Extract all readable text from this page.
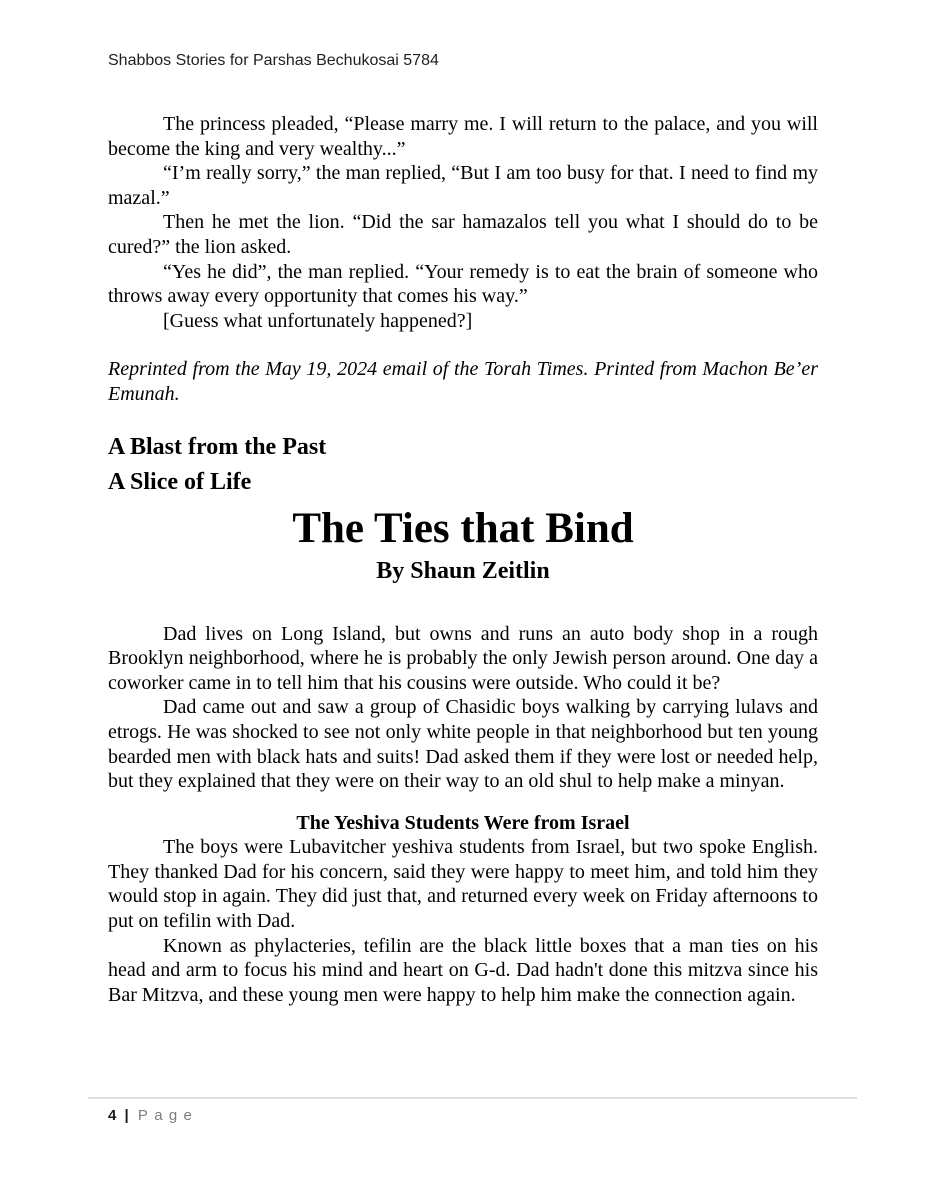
Shabbos Stories for Parshas Bechukosai 5784

The princess pleaded, “Please marry me. I will return to the palace, and you will become the king and very wealthy...”

“I’m really sorry,” the man replied, “But I am too busy for that. I need to find my mazal.”

Then he met the lion. “Did the sar hamazalos tell you what I should do to be cured?” the lion asked.

“Yes he did”, the man replied. “Your remedy is to eat the brain of someone who throws away every opportunity that comes his way.”

[Guess what unfortunately happened?]

Reprinted from the May 19, 2024 email of the Torah Times. Printed from Machon Be’er Emunah.

A Blast from the Past
A Slice of Life
The Ties that Bind
By Shaun Zeitlin

Dad lives on Long Island, but owns and runs an auto body shop in a rough Brooklyn neighborhood, where he is probably the only Jewish person around. One day a coworker came in to tell him that his cousins were outside. Who could it be?

Dad came out and saw a group of Chasidic boys walking by carrying lulavs and etrogs. He was shocked to see not only white people in that neighborhood but ten young bearded men with black hats and suits! Dad asked them if they were lost or needed help, but they explained that they were on their way to an old shul to help make a minyan.

The Yeshiva Students Were from Israel

The boys were Lubavitcher yeshiva students from Israel, but two spoke English. They thanked Dad for his concern, said they were happy to meet him, and told him they would stop in again. They did just that, and returned every week on Friday afternoons to put on tefilin with Dad.

Known as phylacteries, tefilin are the black little boxes that a man ties on his head and arm to focus his mind and heart on G-d. Dad hadn't done this mitzva since his Bar Mitzva, and these young men were happy to help him make the connection again.

4 | Page
